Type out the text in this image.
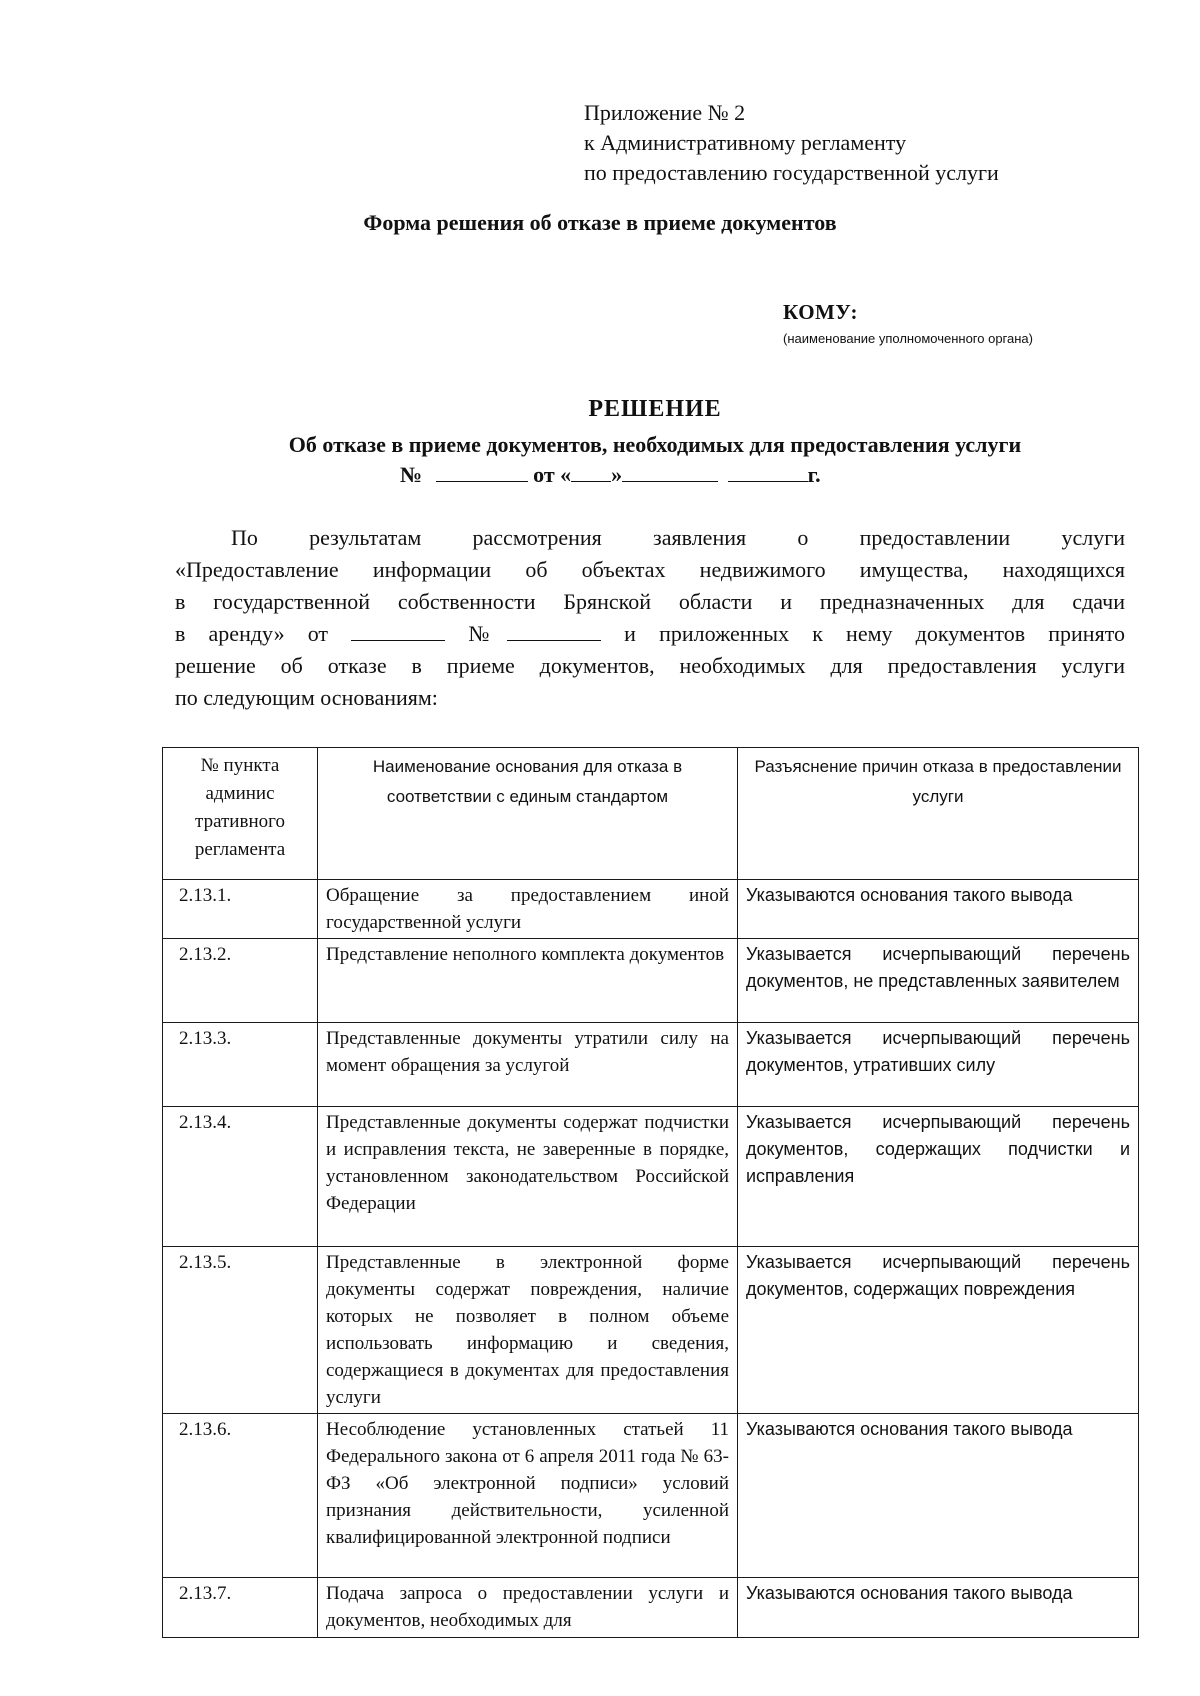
Приложение № 2
к Административному регламенту
по предоставлению государственной услуги
Форма решения об отказе в приеме документов
КОМУ:
(наименование уполномоченного органа)
РЕШЕНИЕ
Об отказе в приеме документов, необходимых для предоставления услуги
№	от « »	г.
По результатам рассмотрения заявления о предоставлении услуги
«Предоставление информации об объектах недвижимого имущества, находящихся
в государственной собственности Брянской области и предназначенных для сдачи
в аренду» от	№	и приложенных к нему документов принято
решение об отказе в приеме документов, необходимых для предоставления услуги
по следующим основаниям:
№ пункта админис тративного регламента	Наименование основания для отказа в соответствии с единым стандартом	Разъяснение причин отказа в предоставлении услуги
2.13.1.	Обращение за предоставлением иной государственной услуги	Указываются основания такого вывода
2.13.2.	Представление неполного комплекта документов	Указывается исчерпывающий перечень документов, не представленных заявителем
2.13.3.	Представленные документы утратили силу на момент обращения за услугой	Указывается исчерпывающий перечень документов, утративших силу
2.13.4.	Представленные документы содержат подчистки и исправления текста, не заверенные в порядке, установленном законодательством Российской Федерации	Указывается исчерпывающий перечень документов, содержащих подчистки и исправления
2.13.5.	Представленные в электронной форме документы содержат повреждения, наличие которых не позволяет в полном объеме использовать информацию и сведения, содержащиеся в документах для предоставления услуги	Указывается исчерпывающий перечень документов, содержащих повреждения
2.13.6.	Несоблюдение установленных статьей 11 Федерального закона от 6 апреля 2011 года № 63-ФЗ «Об электронной подписи» условий признания действительности, усиленной квалифицированной электронной подписи	Указываются основания такого вывода
2.13.7.	Подача запроса о предоставлении услуги и документов, необходимых для	Указываются основания такого вывода
